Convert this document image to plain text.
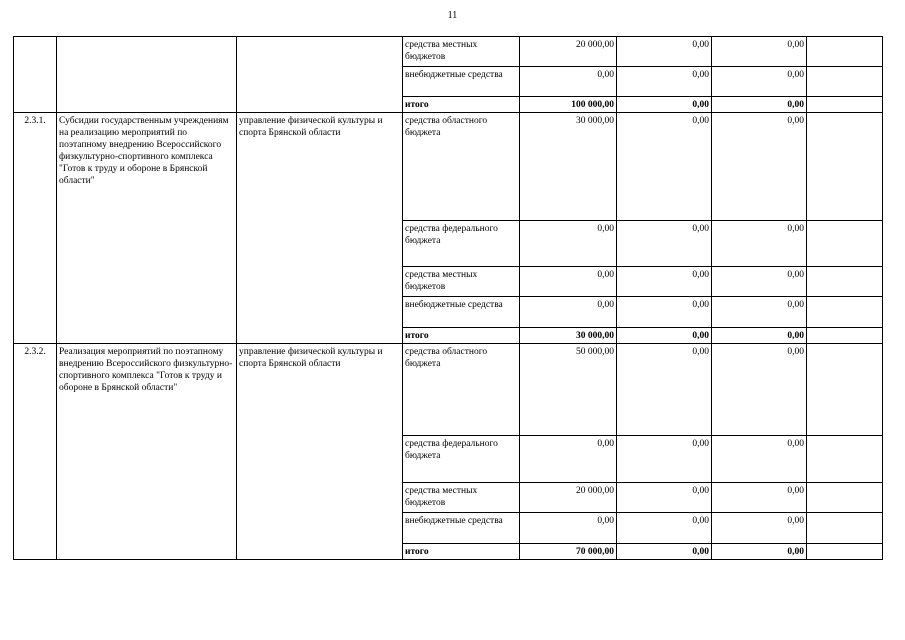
11
			средства местных бюджетов	20 000,00	0,00	0,00	
			внебюджетные средства	0,00	0,00	0,00	
			итого	100 000,00	0,00	0,00	
2.3.1.	Субсидии государственным учреждениям на реализацию мероприятий по поэтапному внедрению Всероссийского физкультурно-спортивного комплекса "Готов к труду и обороне в Брянской области"	управление физической культуры и спорта Брянской области	средства областного бюджета	30 000,00	0,00	0,00	
			средства федерального бюджета	0,00	0,00	0,00	
			средства местных бюджетов	0,00	0,00	0,00	
			внебюджетные средства	0,00	0,00	0,00	
			итого	30 000,00	0,00	0,00	
2.3.2.	Реализация мероприятий по поэтапному внедрению Всероссийского физкультурно-спортивного комплекса "Готов к труду и обороне в Брянской области"	управление физической культуры и спорта Брянской области	средства областного бюджета	50 000,00	0,00	0,00	
			средства федерального бюджета	0,00	0,00	0,00	
			средства местных бюджетов	20 000,00	0,00	0,00	
			внебюджетные средства	0,00	0,00	0,00	
			итого	70 000,00	0,00	0,00	
